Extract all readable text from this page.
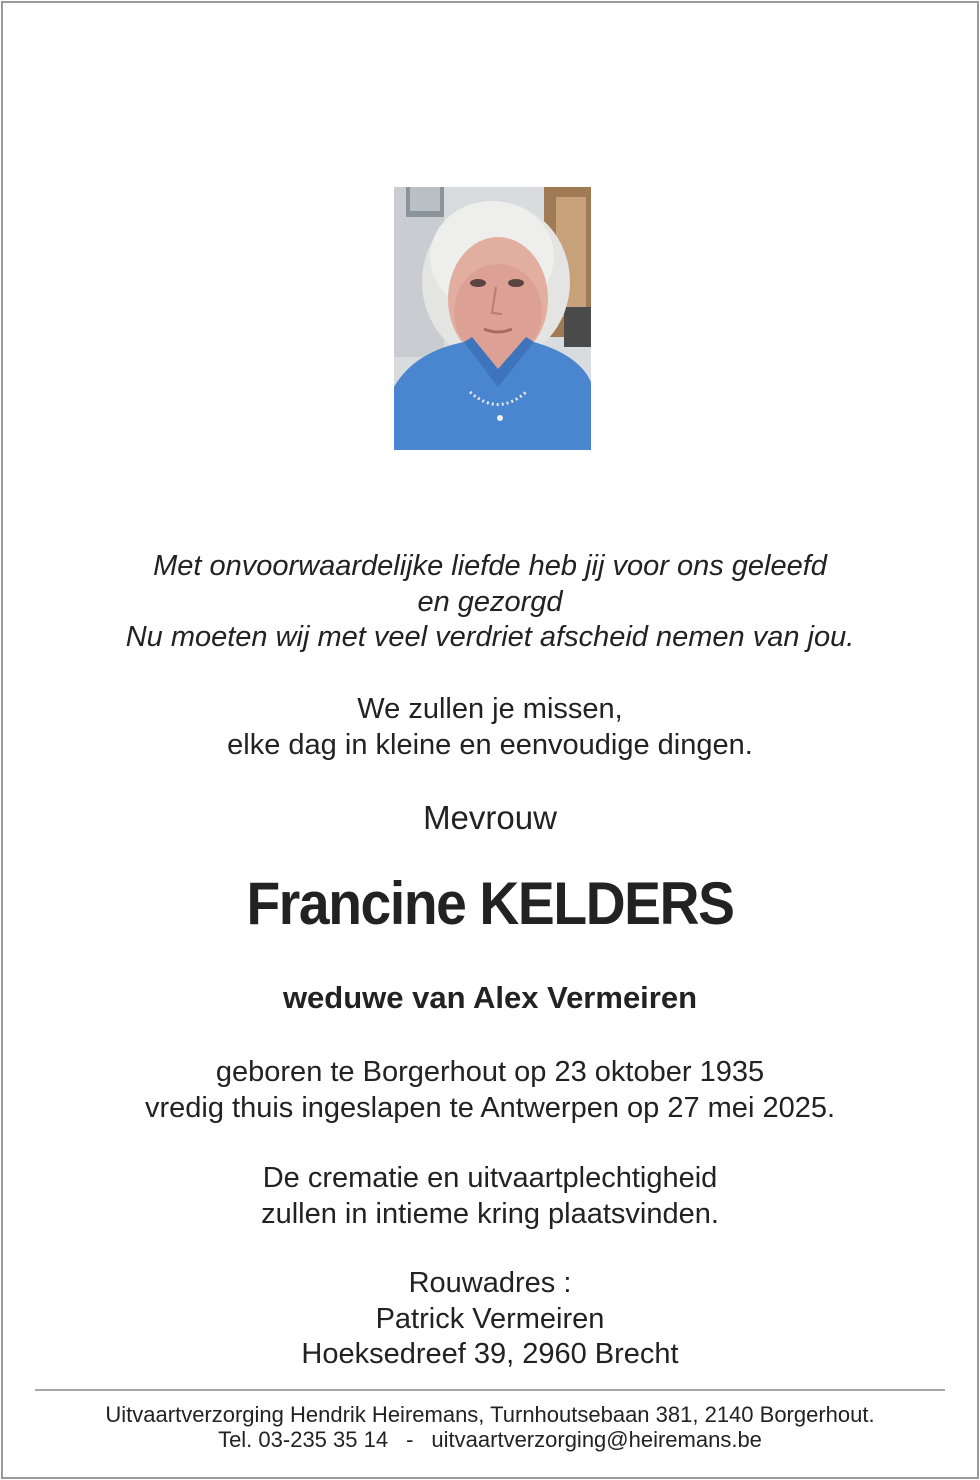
Met onvoorwaardelijke liefde heb jij voor ons geleefd
en gezorgd
Nu moeten wij met veel verdriet afscheid nemen van jou.
We zullen je missen,
elke dag in kleine en eenvoudige dingen.
Mevrouw
Francine KELDERS
weduwe van Alex Vermeiren
geboren te Borgerhout op 23 oktober 1935
vredig thuis ingeslapen te Antwerpen op 27 mei 2025.
De crematie en uitvaartplechtigheid
zullen in intieme kring plaatsvinden.
Rouwadres :
Patrick Vermeiren
Hoeksedreef 39, 2960 Brecht
Uitvaartverzorging Hendrik Heiremans, Turnhoutsebaan 381, 2140 Borgerhout.
Tel. 03-235 35 14 - uitvaartverzorging@heiremans.be
